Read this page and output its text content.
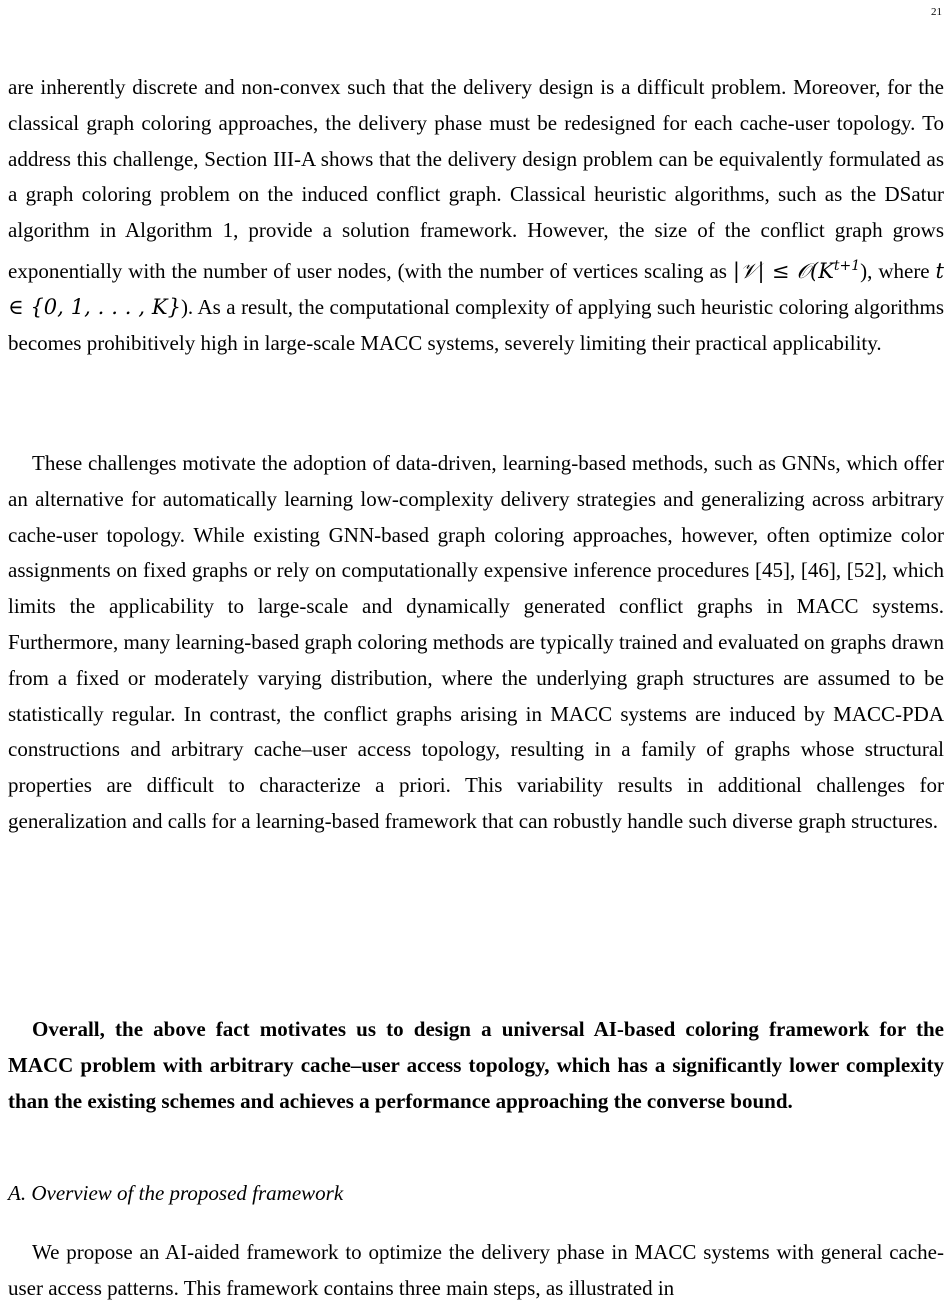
21

are inherently discrete and non-convex such that the delivery design is a difficult problem. Moreover, for the classical graph coloring approaches, the delivery phase must be redesigned for each cache-user topology. To address this challenge, Section III-A shows that the delivery design problem can be equivalently formulated as a graph coloring problem on the induced conflict graph. Classical heuristic algorithms, such as the DSatur algorithm in Algorithm 1, provide a solution framework. However, the size of the conflict graph grows exponentially with the number of user nodes, (with the number of vertices scaling as |𝒱| ≤ $𝒪(K^{t+1})$, where t ∈ {0, 1, . . . , K}). As a result, the computational complexity of applying such heuristic coloring algorithms becomes prohibitively high in large-scale MACC systems, severely limiting their practical applicability.

These challenges motivate the adoption of data-driven, learning-based methods, such as GNNs, which offer an alternative for automatically learning low-complexity delivery strategies and generalizing across arbitrary cache-user topology. While existing GNN-based graph coloring approaches, however, often optimize color assignments on fixed graphs or rely on computationally expensive inference procedures [45], [46], [52], which limits the applicability to large-scale and dynamically generated conflict graphs in MACC systems. Furthermore, many learning-based graph coloring methods are typically trained and evaluated on graphs drawn from a fixed or moderately varying distribution, where the underlying graph structures are assumed to be statistically regular. In contrast, the conflict graphs arising in MACC systems are induced by MACC-PDA constructions and arbitrary cache–user access topology, resulting in a family of graphs whose structural properties are difficult to characterize a priori. This variability results in additional challenges for generalization and calls for a learning-based framework that can robustly handle such diverse graph structures.

Overall, the above fact motivates us to design a universal AI-based coloring framework for the MACC problem with arbitrary cache–user access topology, which has a significantly lower complexity than the existing schemes and achieves a performance approaching the converse bound.

A. Overview of the proposed framework

We propose an AI-aided framework to optimize the delivery phase in MACC systems with general cache-user access patterns. This framework contains three main steps, as illustrated in
